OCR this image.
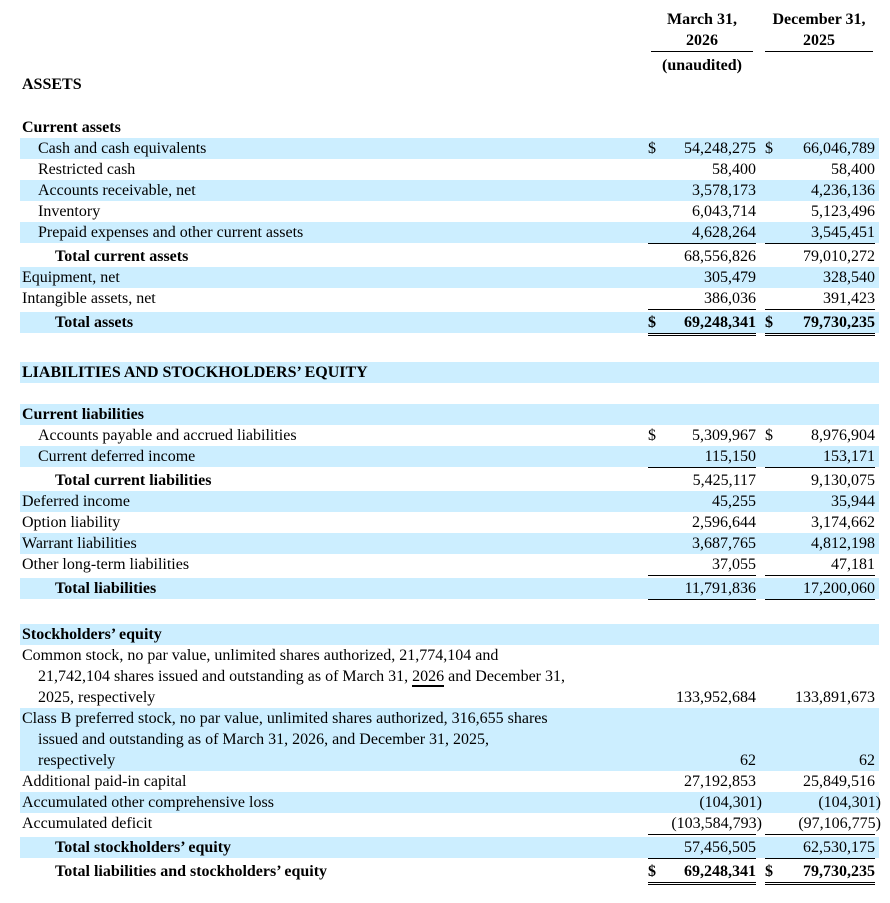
March 31,
2026
(unaudited)
December 31,
2025
ASSETS
Current assets
Cash and cash equivalents	$ 54,248,275 $ 66,046,789
Restricted cash	58,400	58,400
Accounts receivable, net	3,578,173	4,236,136
Inventory	6,043,714	5,123,496
Prepaid expenses and other current assets	4,628,264	3,545,451
Total current assets	68,556,826	79,010,272
Equipment, net	305,479	328,540
Intangible assets, net	386,036	391,423
Total assets	$ 69,248,341 $ 79,730,235
LIABILITIES AND STOCKHOLDERS’ EQUITY
Current liabilities
Accounts payable and accrued liabilities	$ 5,309,967 $ 8,976,904
Current deferred income	115,150	153,171
Total current liabilities	5,425,117	9,130,075
Deferred income	45,255	35,944
Option liability	2,596,644	3,174,662
Warrant liabilities	3,687,765	4,812,198
Other long-term liabilities	37,055	47,181
Total liabilities	11,791,836	17,200,060
Stockholders’ equity
Common stock, no par value, unlimited shares authorized, 21,774,104 and
21,742,104 shares issued and outstanding as of March 31, 2026 and December 31,
2025, respectively	133,952,684 133,891,673
Class B preferred stock, no par value, unlimited shares authorized, 316,655 shares
issued and outstanding as of March 31, 2026, and December 31, 2025,
respectively	62	62
Additional paid-in capital	27,192,853	25,849,516
Accumulated other comprehensive loss	(104,301)	(104,301)
Accumulated deficit	(103,584,793) (97,106,775)
Total stockholders’ equity	57,456,505	62,530,175
Total liabilities and stockholders’ equity	$ 69,248,341 $ 79,730,235
